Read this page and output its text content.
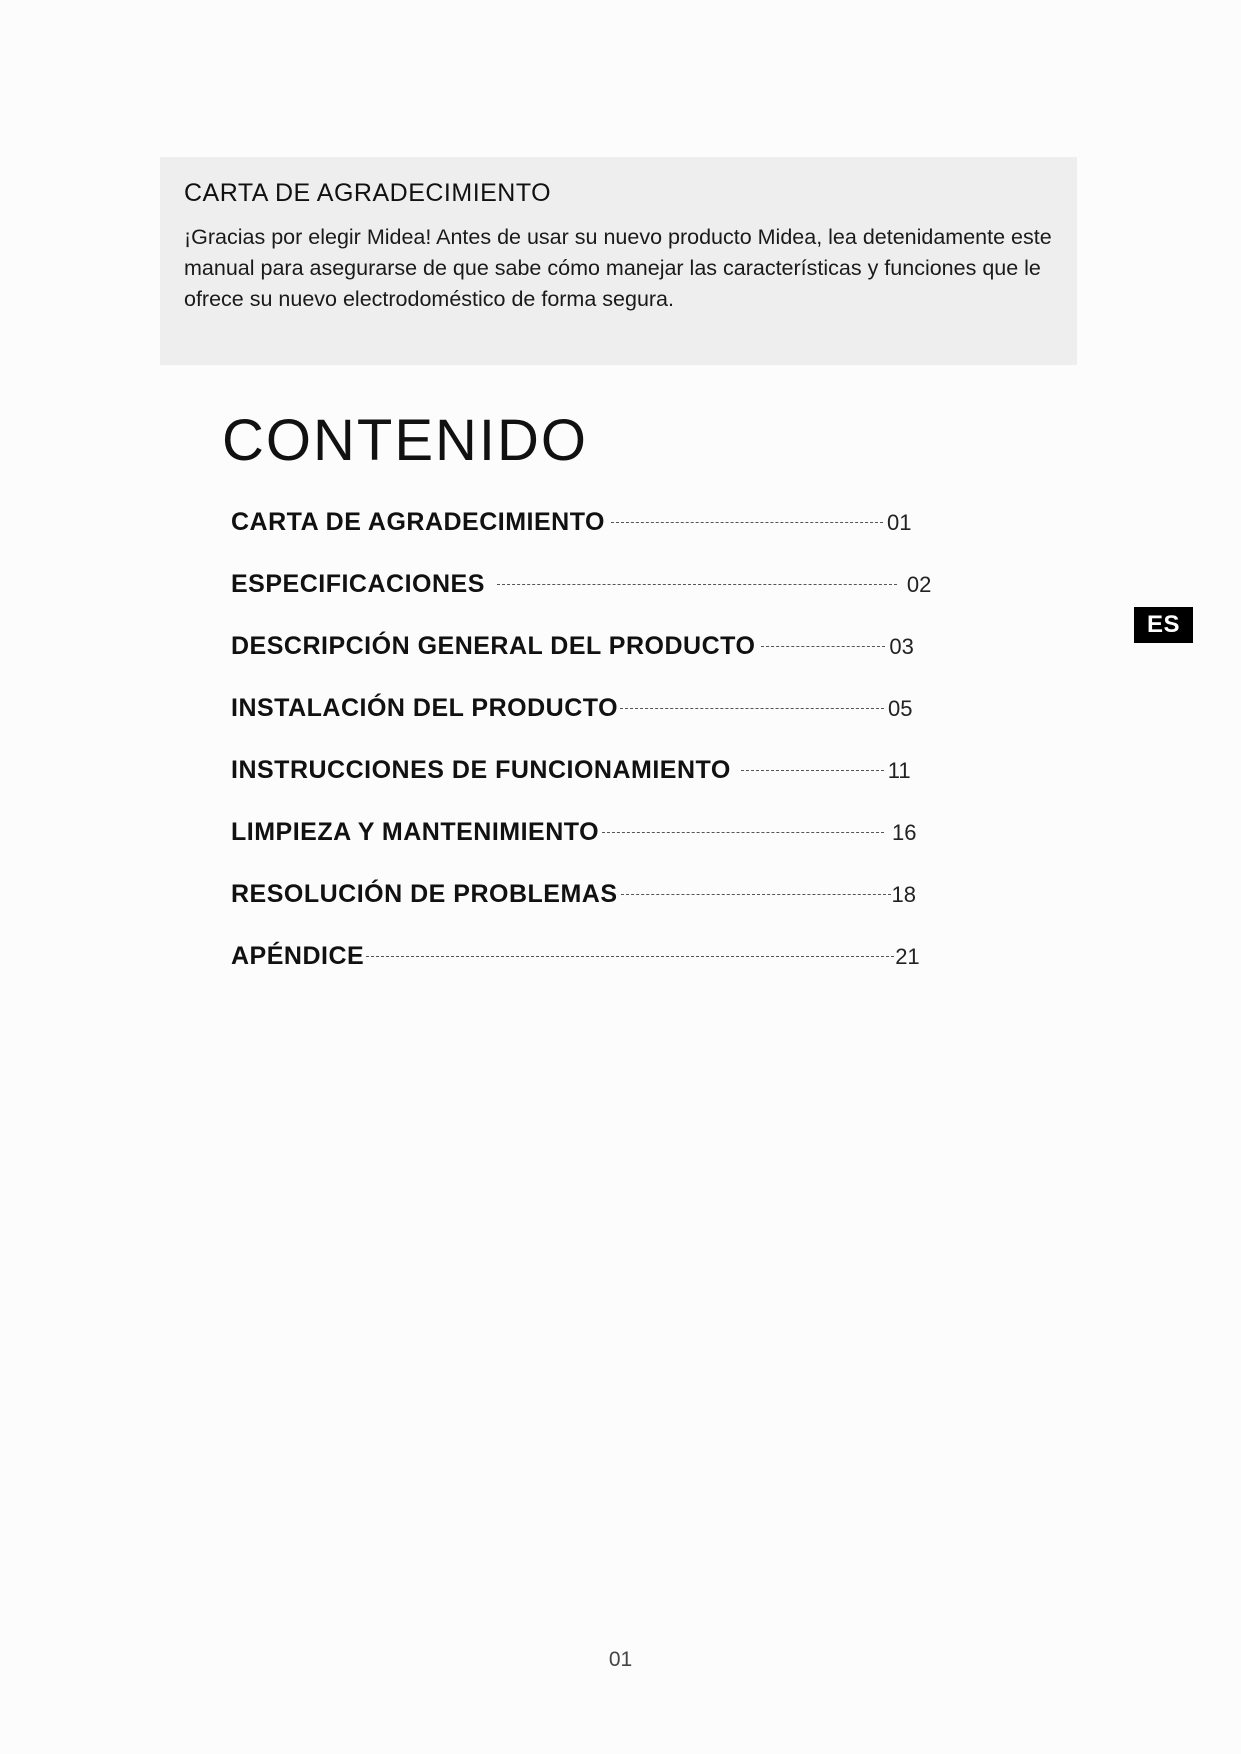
CARTA DE AGRADECIMIENTO

¡Gracias por elegir Midea! Antes de usar su nuevo producto Midea, lea detenidamente este manual para asegurarse de que sabe cómo manejar las características y funciones que le ofrece su nuevo electrodoméstico de forma segura.

CONTENIDO
CARTA DE AGRADECIMIENTO	01
ESPECIFICACIONES	02
DESCRIPCIÓN GENERAL DEL PRODUCTO	03
INSTALACIÓN DEL PRODUCTO	05
INSTRUCCIONES DE FUNCIONAMIENTO	11
LIMPIEZA Y MANTENIMIENTO	16
RESOLUCIÓN DE PROBLEMAS	18
APÉNDICE	21
ES
01
